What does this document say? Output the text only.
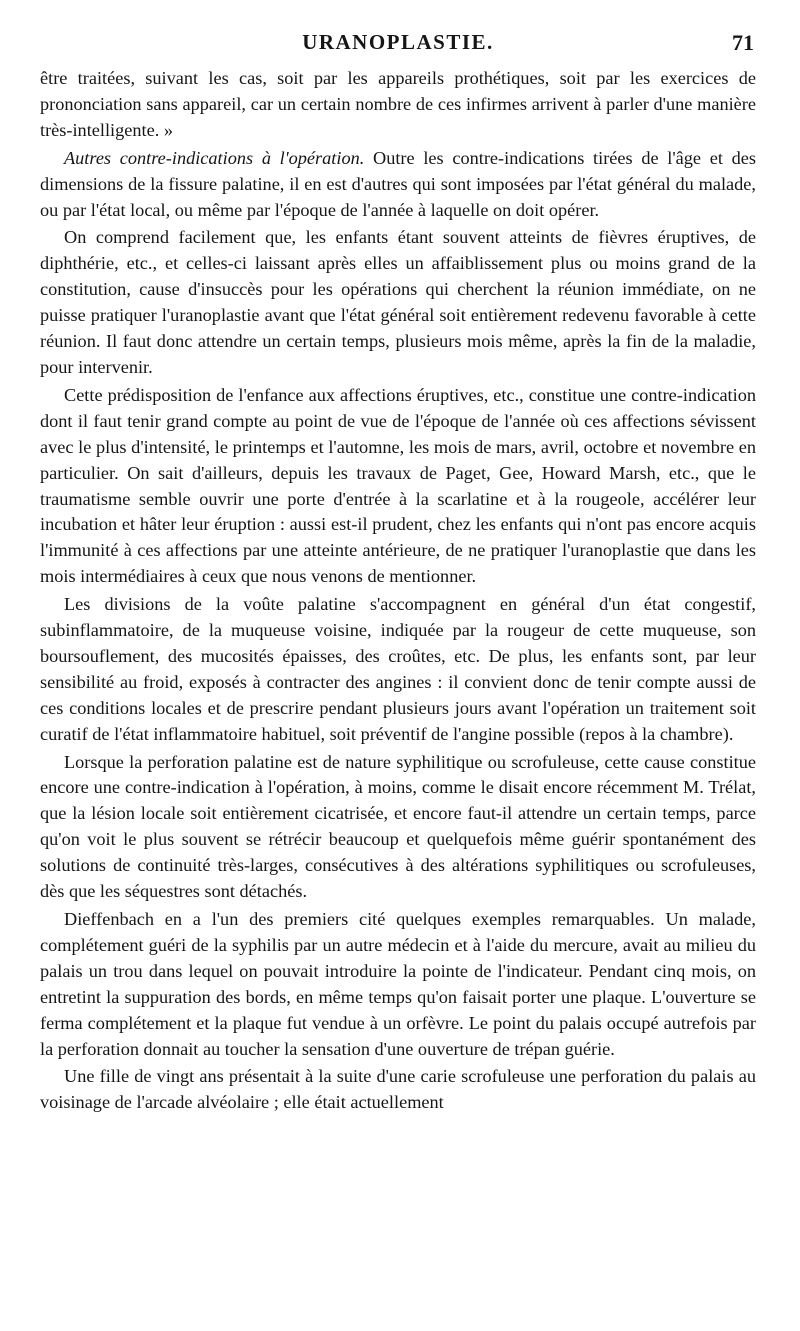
URANOPLASTIE.	71

être traitées, suivant les cas, soit par les appareils prothétiques, soit par les exercices de prononciation sans appareil, car un certain nombre de ces infirmes arrivent à parler d'une manière très-intelligente. »

Autres contre-indications à l'opération. Outre les contre-indications tirées de l'âge et des dimensions de la fissure palatine, il en est d'autres qui sont imposées par l'état général du malade, ou par l'état local, ou même par l'époque de l'année à laquelle on doit opérer.

On comprend facilement que, les enfants étant souvent atteints de fièvres éruptives, de diphthérie, etc., et celles-ci laissant après elles un affaiblissement plus ou moins grand de la constitution, cause d'insuccès pour les opérations qui cherchent la réunion immédiate, on ne puisse pratiquer l'uranoplastie avant que l'état général soit entièrement redevenu favorable à cette réunion. Il faut donc attendre un certain temps, plusieurs mois même, après la fin de la maladie, pour intervenir.

Cette prédisposition de l'enfance aux affections éruptives, etc., constitue une contre-indication dont il faut tenir grand compte au point de vue de l'époque de l'année où ces affections sévissent avec le plus d'intensité, le printemps et l'automne, les mois de mars, avril, octobre et novembre en particulier. On sait d'ailleurs, depuis les travaux de Paget, Gee, Howard Marsh, etc., que le traumatisme semble ouvrir une porte d'entrée à la scarlatine et à la rougeole, accélérer leur incubation et hâter leur éruption : aussi est-il prudent, chez les enfants qui n'ont pas encore acquis l'immunité à ces affections par une atteinte antérieure, de ne pratiquer l'uranoplastie que dans les mois intermédiaires à ceux que nous venons de mentionner.

Les divisions de la voûte palatine s'accompagnent en général d'un état congestif, subinflammatoire, de la muqueuse voisine, indiquée par la rougeur de cette muqueuse, son boursouflement, des mucosités épaisses, des croûtes, etc. De plus, les enfants sont, par leur sensibilité au froid, exposés à contracter des angines : il convient donc de tenir compte aussi de ces conditions locales et de prescrire pendant plusieurs jours avant l'opération un traitement soit curatif de l'état inflammatoire habituel, soit préventif de l'angine possible (repos à la chambre).

Lorsque la perforation palatine est de nature syphilitique ou scrofuleuse, cette cause constitue encore une contre-indication à l'opération, à moins, comme le disait encore récemment M. Trélat, que la lésion locale soit entièrement cicatrisée, et encore faut-il attendre un certain temps, parce qu'on voit le plus souvent se rétrécir beaucoup et quelquefois même guérir spontanément des solutions de continuité très-larges, consécutives à des altérations syphilitiques ou scrofuleuses, dès que les séquestres sont détachés.

Dieffenbach en a l'un des premiers cité quelques exemples remarquables. Un malade, complétement guéri de la syphilis par un autre médecin et à l'aide du mercure, avait au milieu du palais un trou dans lequel on pouvait introduire la pointe de l'indicateur. Pendant cinq mois, on entretint la suppuration des bords, en même temps qu'on faisait porter une plaque. L'ouverture se ferma complétement et la plaque fut vendue à un orfèvre. Le point du palais occupé autrefois par la perforation donnait au toucher la sensation d'une ouverture de trépan guérie.

Une fille de vingt ans présentait à la suite d'une carie scrofuleuse une perforation du palais au voisinage de l'arcade alvéolaire ; elle était actuellement
